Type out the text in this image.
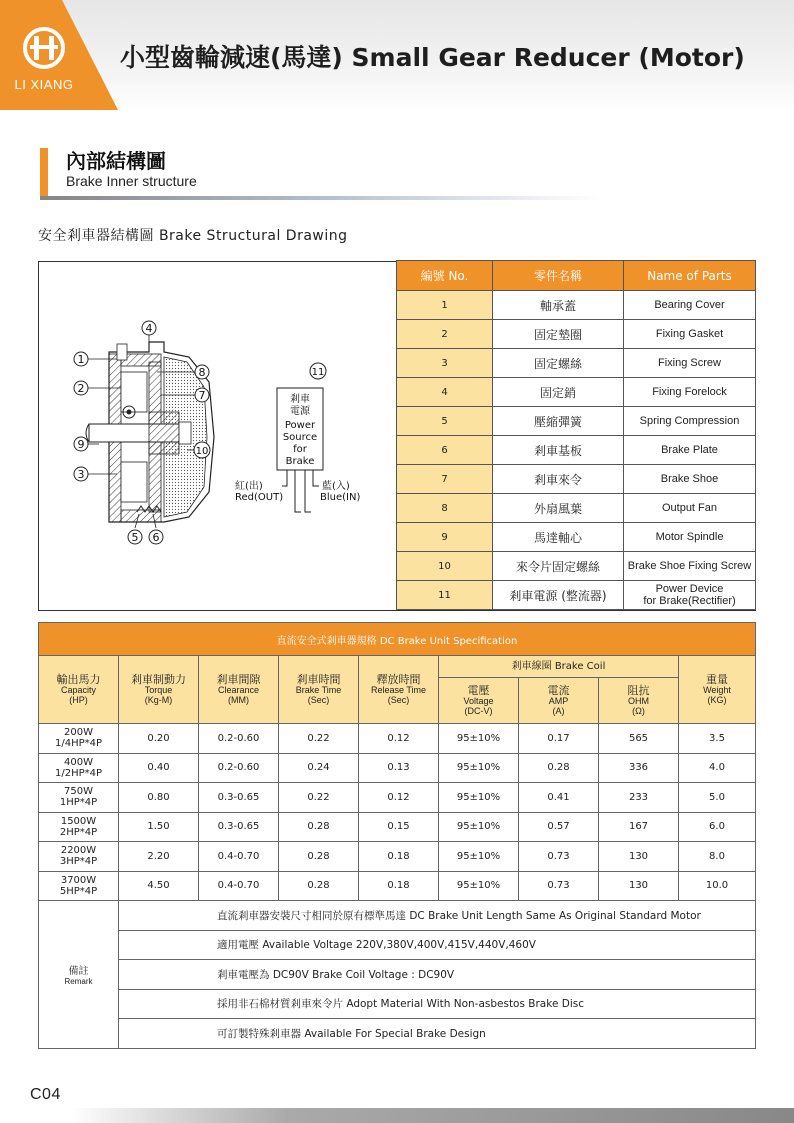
LI XIANG
小型齒輪減速(馬達) Small Gear Reducer (Motor)
內部結構圖
Brake Inner structure
安全剎車器結構圖 Brake Structural Drawing
1
2
3
4
5 6
7
8
9
10
11
剎車
電源
Power
Source
for
Brake
紅(出)
Red(OUT)
藍(入)
Blue(IN)
編號 No.	零件名稱	Name of Parts
1	軸承蓋	Bearing Cover
2	固定墊圈	Fixing Gasket
3	固定螺絲	Fixing Screw
4	固定銷	Fixing Forelock
5	壓縮彈簧	Spring Compression
6	剎車基板	Brake Plate
7	剎車來令	Brake Shoe
8	外扇風葉	Output Fan
9	馬達軸心	Motor Spindle
10	來令片固定螺絲	Brake Shoe Fixing Screw
11	剎車電源 (整流器)	Power Device
for Brake(Rectifier)
直流安全式剎車器規格 DC Brake Unit Specification								

輸出馬力
Capacity
(HP)	剎車制動力
Torque
(Kg-M)	剎車間隙
Clearance
(MM)	剎車時間
Brake Time
(Sec)	釋放時間
Release Time
(Sec)	剎車線圈 Brake Coil			重量
Weight
(KG)

					電壓
Voltage
(DC-V)	電流
AMP
(A)	阻抗
OHM
(Ω)	

200W
1/4HP*4P	0.20	0.2-0.60	0.22	0.12	95±10%	0.17	565	3.5

400W
1/2HP*4P	0.40	0.2-0.60	0.24	0.13	95±10%	0.28	336	4.0

750W
1HP*4P	0.80	0.3-0.65	0.22	0.12	95±10%	0.41	233	5.0

1500W
2HP*4P	1.50	0.3-0.65	0.28	0.15	95±10%	0.57	167	6.0

2200W
3HP*4P	2.20	0.4-0.70	0.28	0.18	95±10%	0.73	130	8.0

3700W
5HP*4P	4.50	0.4-0.70	0.28	0.18	95±10%	0.73	130	10.0
備註
Remark	直流剎車器安裝尺寸相同於原有標準馬達 DC Brake Unit Length Same As Original Standard Motor							
	適用電壓 Available Voltage 220V,380V,400V,415V,440V,460V							
	剎車電壓為 DC90V Brake Coil Voltage : DC90V							
	採用非石棉材質剎車來令片 Adopt Material With Non-asbestos Brake Disc							
	可訂製特殊剎車器 Available For Special Brake Design							
C04
